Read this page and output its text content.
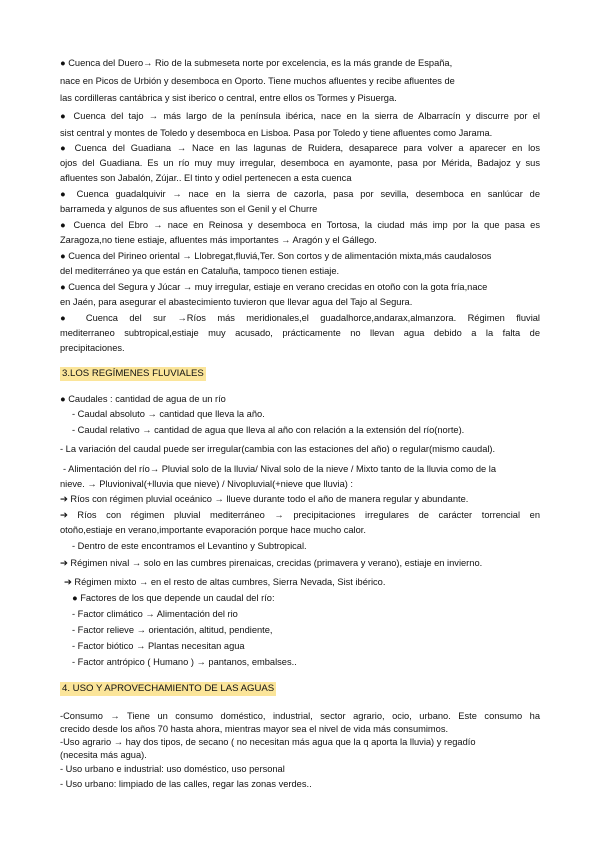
● Cuenca del Duero→ Rio de la submeseta norte por excelencia, es la más grande de España,
nace en Picos de Urbión y desemboca en Oporto. Tiene muchos afluentes y recibe afluentes de
las cordilleras cantábrica y sist iberico o central, entre ellos os Tormes y Pisuerga.
● Cuenca del tajo → más largo de la península ibérica, nace en la sierra de Albarracín y discurre por el
sist central y montes de Toledo y desemboca en Lisboa. Pasa por Toledo y tiene afluentes como Jarama.
● Cuenca del Guadiana → Nace en las lagunas de Ruidera, desaparece para volver a aparecer en los
ojos del Guadiana. Es un río muy muy irregular, desemboca en ayamonte, pasa por Mérida, Badajoz y sus
afluentes son Jabalón, Zújar.. El tinto y odiel pertenecen a esta cuenca
● Cuenca guadalquivir → nace en la sierra de cazorla, pasa por sevilla, desemboca en sanlúcar de
barrameda y algunos de sus afluentes son el Genil y el Churre
● Cuenca del Ebro → nace en Reinosa y desemboca en Tortosa, la ciudad más imp por la que pasa es
Zaragoza,no tiene estiaje, afluentes más importantes → Aragón y el Gállego.
● Cuenca del Pirineo oriental → Llobregat,fluviá,Ter. Son cortos y de alimentación mixta,más caudalosos
del mediterráneo ya que están en Cataluña, tampoco tienen estiaje.
● Cuenca del Segura y Júcar → muy irregular, estiaje en verano crecidas en otoño con la gota fría,nace
en Jaén, para asegurar el abastecimiento tuvieron que llevar agua del Tajo al Segura.
● Cuenca del sur →Ríos más meridionales,el guadalhorce,andarax,almanzora. Régimen fluvial
mediterraneo subtropical,estiaje muy acusado, prácticamente no llevan agua debido a la falta de
precipitaciones.
3.LOS REGÍMENES FLUVIALES
● Caudales : cantidad de agua de un río
- Caudal absoluto → cantidad que lleva la año.
- Caudal relativo → cantidad de agua que lleva al año con relación a la extensión del río(norte).
- La variación del caudal puede ser irregular(cambia con las estaciones del año) o regular(mismo caudal).
- Alimentación del río→ Pluvial solo de la lluvia/ Nival solo de la nieve / Mixto tanto de la lluvia como de la
nieve. → Pluvionival(+lluvia que nieve) / Nivopluvial(+nieve que lluvia) :
➔ Ríos con régimen pluvial oceánico → llueve durante todo el año de manera regular y abundante.
➔ Ríos con régimen pluvial mediterráneo → precipitaciones irregulares de carácter torrencial en
otoño,estiaje en verano,importante evaporación porque hace mucho calor.
- Dentro de este encontramos el Levantino y Subtropical.
➔ Régimen nival → solo en las cumbres pirenaicas, crecidas (primavera y verano), estiaje en invierno.
➔ Régimen mixto → en el resto de altas cumbres, Sierra Nevada, Sist ibérico.
● Factores de los que depende un caudal del río:
- Factor climático → Alimentación del rio
- Factor relieve → orientación, altitud, pendiente,
- Factor biótico → Plantas necesitan agua
- Factor antrópico ( Humano ) → pantanos, embalses..
4. USO Y APROVECHAMIENTO DE LAS AGUAS
-Consumo → Tiene un consumo doméstico, industrial, sector agrario, ocio, urbano. Este consumo ha
crecido desde los años 70 hasta ahora, mientras mayor sea el nivel de vida más consumimos.
-Uso agrario → hay dos tipos, de secano ( no necesitan más agua que la q aporta la lluvia) y regadío
(necesita más agua).
- Uso urbano e industrial: uso doméstico, uso personal
- Uso urbano: limpiado de las calles, regar las zonas verdes..
